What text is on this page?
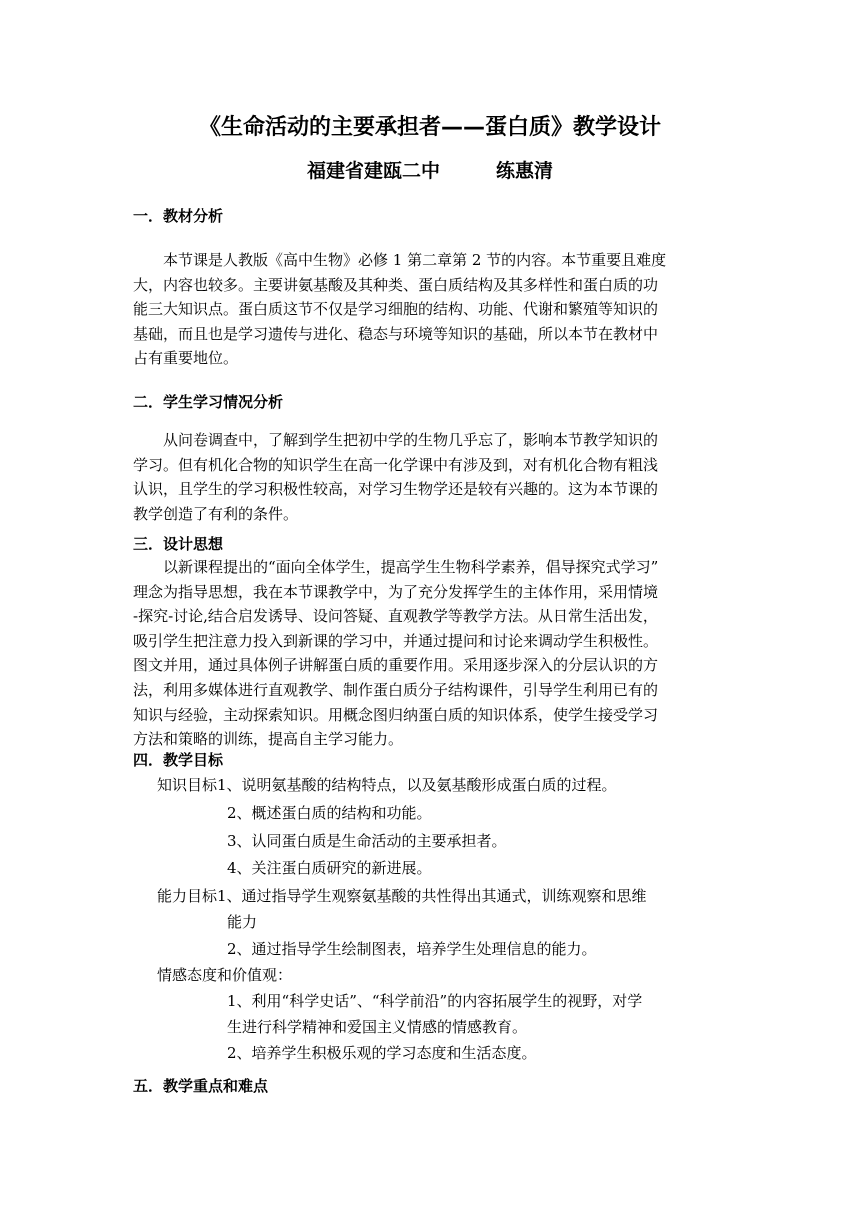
《生命活动的主要承担者——蛋白质》教学设计
福建省建瓯二中	练惠清
一．教材分析
　　本节课是人教版《高中生物》必修 1 第二章第 2 节的内容。本节重要且难度
大，内容也较多。主要讲氨基酸及其种类、蛋白质结构及其多样性和蛋白质的功
能三大知识点。蛋白质这节不仅是学习细胞的结构、功能、代谢和繁殖等知识的
基础，而且也是学习遗传与进化、稳态与环境等知识的基础，所以本节在教材中
占有重要地位。
二．学生学习情况分析
　　从问卷调查中，了解到学生把初中学的生物几乎忘了，影响本节教学知识的
学习。但有机化合物的知识学生在高一化学课中有涉及到，对有机化合物有粗浅
认识，且学生的学习积极性较高，对学习生物学还是较有兴趣的。这为本节课的
教学创造了有利的条件。
三．设计思想
　　以新课程提出的“面向全体学生，提高学生生物科学素养，倡导探究式学习”
理念为指导思想，我在本节课教学中，为了充分发挥学生的主体作用，采用情境
-探究-讨论,结合启发诱导、设问答疑、直观教学等教学方法。从日常生活出发，
吸引学生把注意力投入到新课的学习中，并通过提问和讨论来调动学生积极性。
图文并用，通过具体例子讲解蛋白质的重要作用。采用逐步深入的分层认识的方
法，利用多媒体进行直观教学、制作蛋白质分子结构课件，引导学生利用已有的
知识与经验，主动探索知识。用概念图归纳蛋白质的知识体系，使学生接受学习
方法和策略的训练，提高自主学习能力。
四．教学目标
知识目标 1、说明氨基酸的结构特点，以及氨基酸形成蛋白质的过程。
2、概述蛋白质的结构和功能。
3、认同蛋白质是生命活动的主要承担者。
4、关注蛋白质研究的新进展。
能力目标 1、通过指导学生观察氨基酸的共性得出其通式，训练观察和思维
能力
2、通过指导学生绘制图表，培养学生处理信息的能力。
情感态度和价值观：
1、利用“科学史话”、“科学前沿”的内容拓展学生的视野，对学
生进行科学精神和爱国主义情感的情感教育。
2、培养学生积极乐观的学习态度和生活态度。
五．教学重点和难点
